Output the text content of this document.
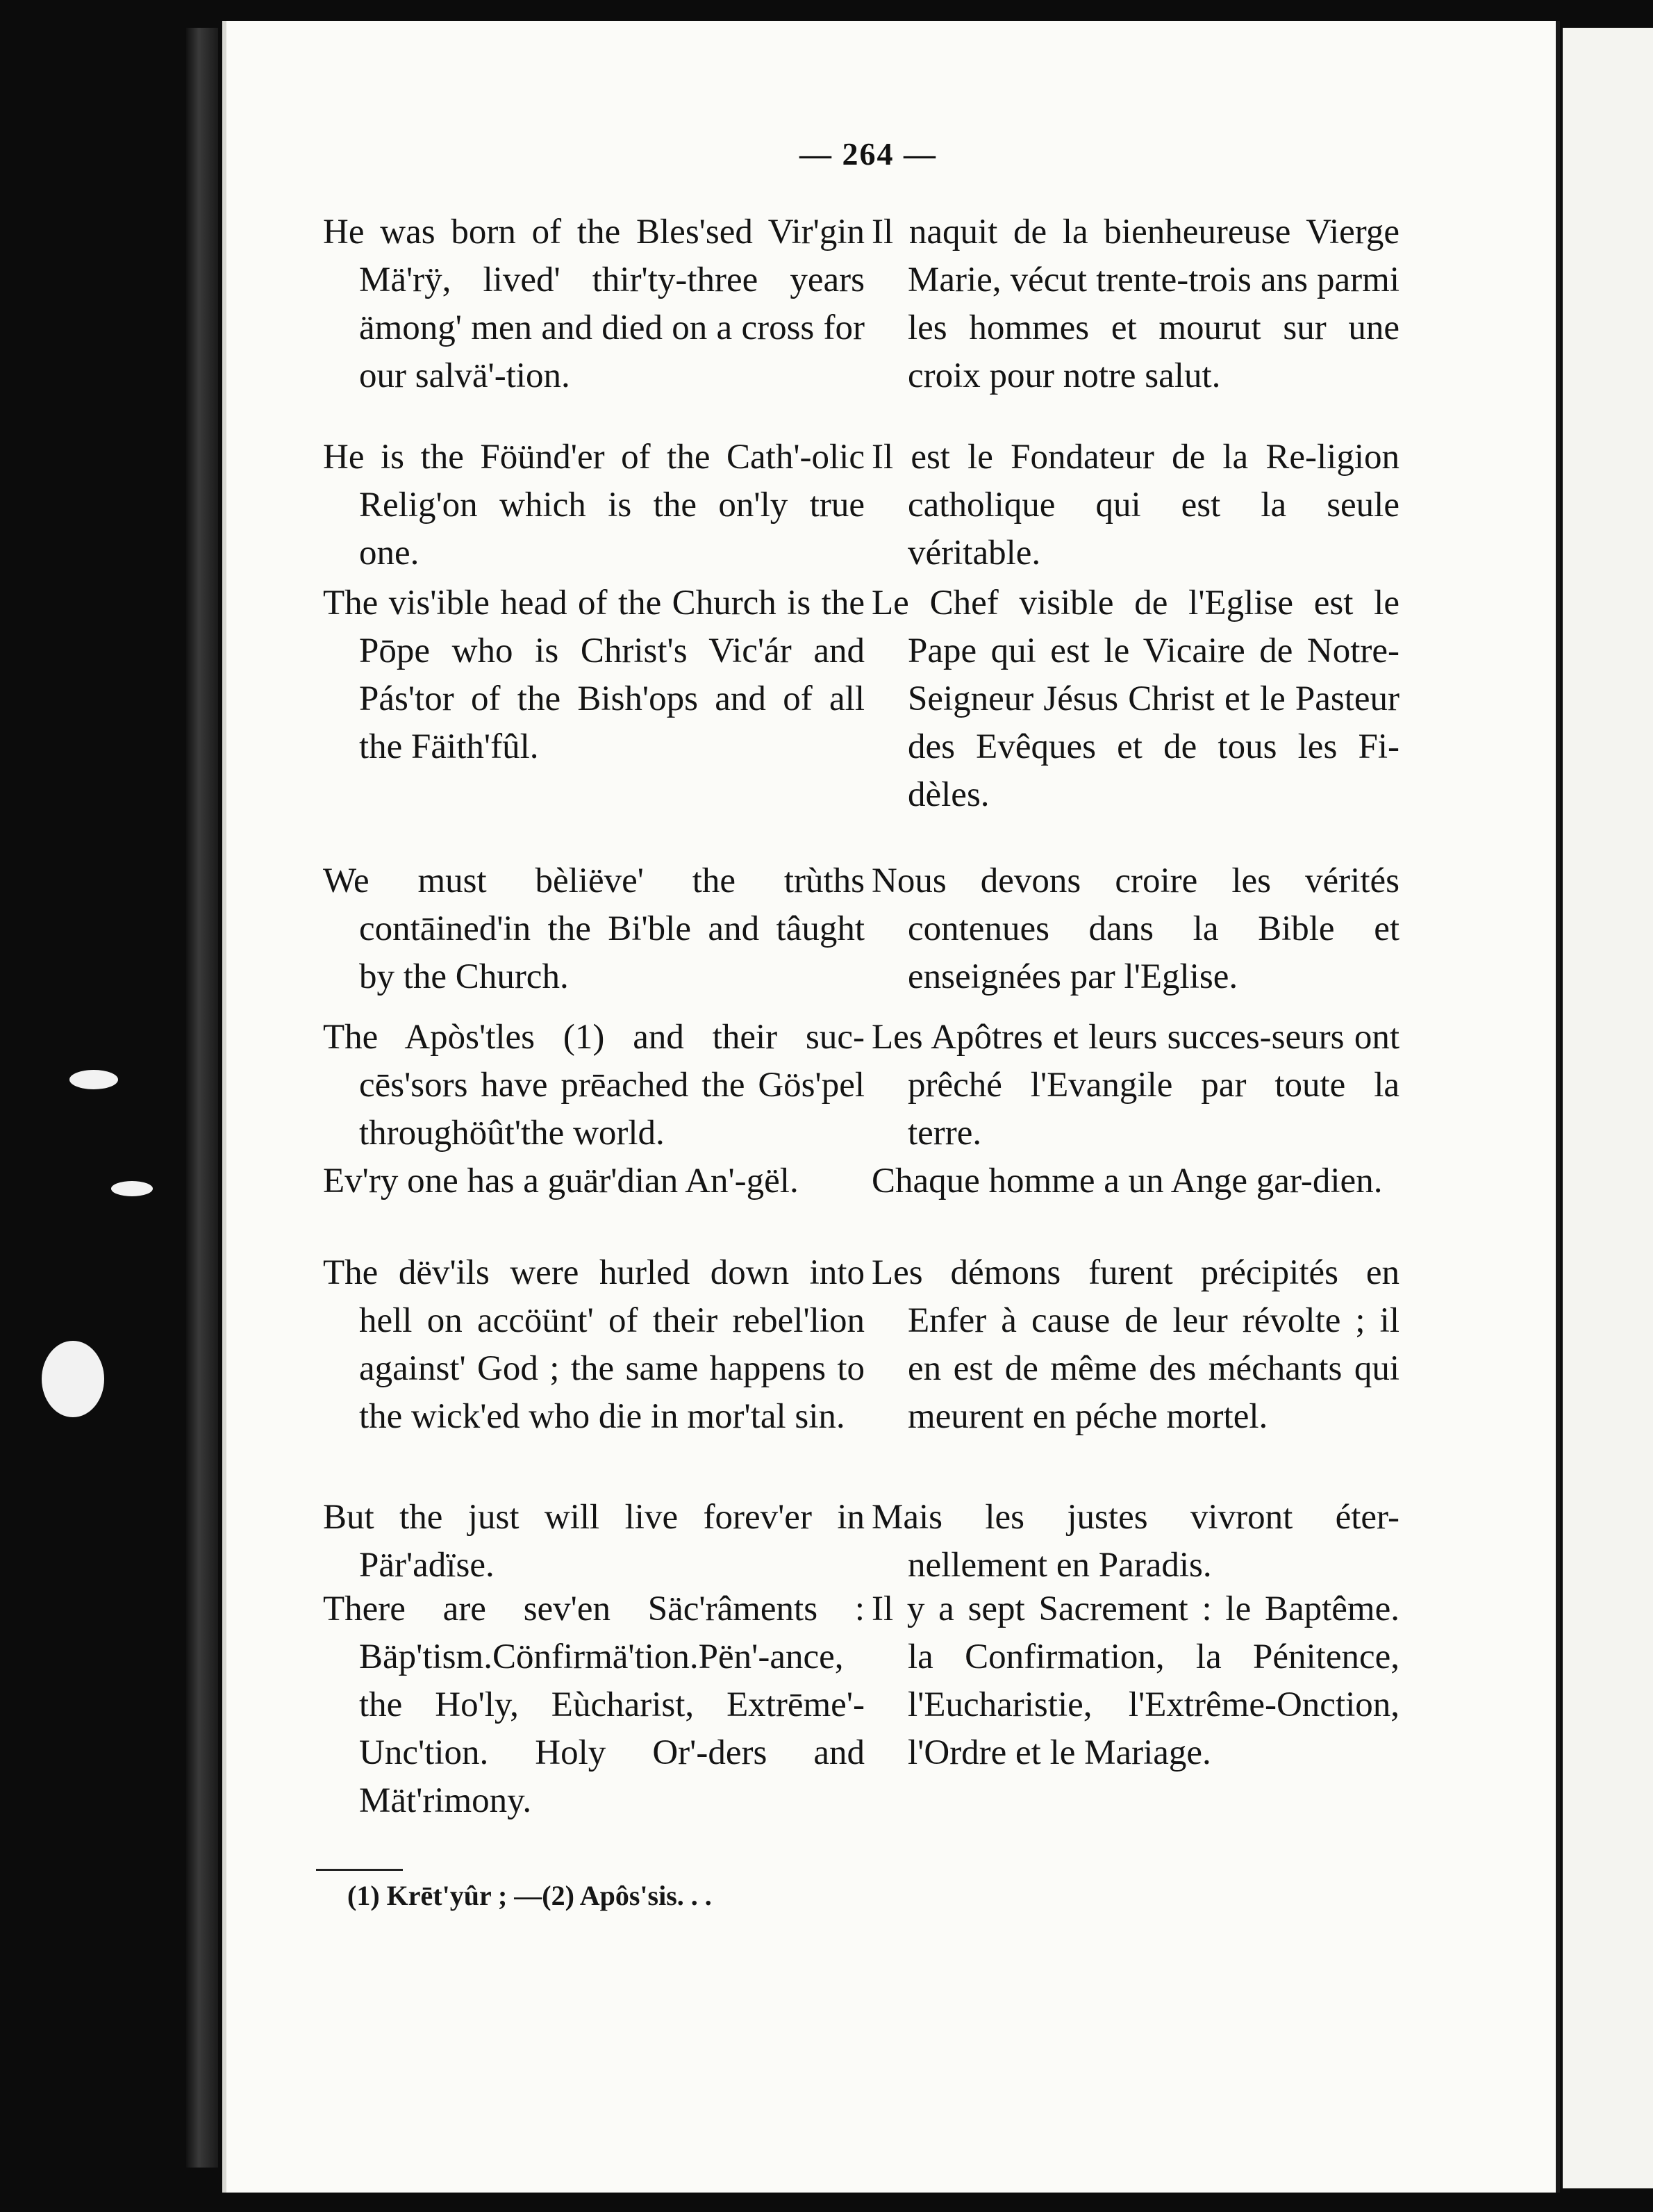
— 264 —

He was born of the Bles'sed Vir'gin Mä'rÿ, lived' thir'ty-three years ämong' men and died on a cross for our salvä'-tion.

He is the Föünd'er of the Cath'-olic Relig'on which is the on'ly true one.

The vis'ible head of the Church is the Pōpe who is Christ's Vic'ár and Pás'tor of the Bish'ops and of all the Fäith'fûl.

We must bèliëve' the trùths contāined'in the Bi'ble and tâught by the Church.

The Apòs'tles (1) and their suc-cēs'sors have prēached the Gös'pel throughöût'the world.

Ev'ry one has a guär'dian An'-gël.

The dëv'ils were hurled down into hell on accöünt' of their rebel'lion against' God ; the same happens to the wick'ed who die in mor'tal sin.

But the just will live forev'er in Pär'adïse.

There are sev'en Säc'râments : Bäp'tism.Cönfirmä'tion.Pën'-ance, the Ho'ly, Eùcharist, Extrēme'-Unc'tion. Holy Or'-ders and Mät'rimony.

Il naquit de la bienheureuse Vierge Marie, vécut trente-trois ans parmi les hommes et mourut sur une croix pour notre salut.

Il est le Fondateur de la Re-ligion catholique qui est la seule véritable.

Le Chef visible de l'Eglise est le Pape qui est le Vicaire de Notre-Seigneur Jésus Christ et le Pasteur des Evêques et de tous les Fi-dèles.

Nous devons croire les vérités contenues dans la Bible et enseignées par l'Eglise.

Les Apôtres et leurs succes-seurs ont prêché l'Evangile par toute la terre.

Chaque homme a un Ange gar-dien.

Les démons furent précipités en Enfer à cause de leur révolte ; il en est de même des méchants qui meurent en péche mortel.

Mais les justes vivront éter-nellement en Paradis.

Il y a sept Sacrement : le Baptême. la Confirmation, la Pénitence, l'Eucharistie, l'Extrême-Onction, l'Ordre et le Mariage.

(1) Krēt'yûr ; —(2) Apôs'sis. . .
